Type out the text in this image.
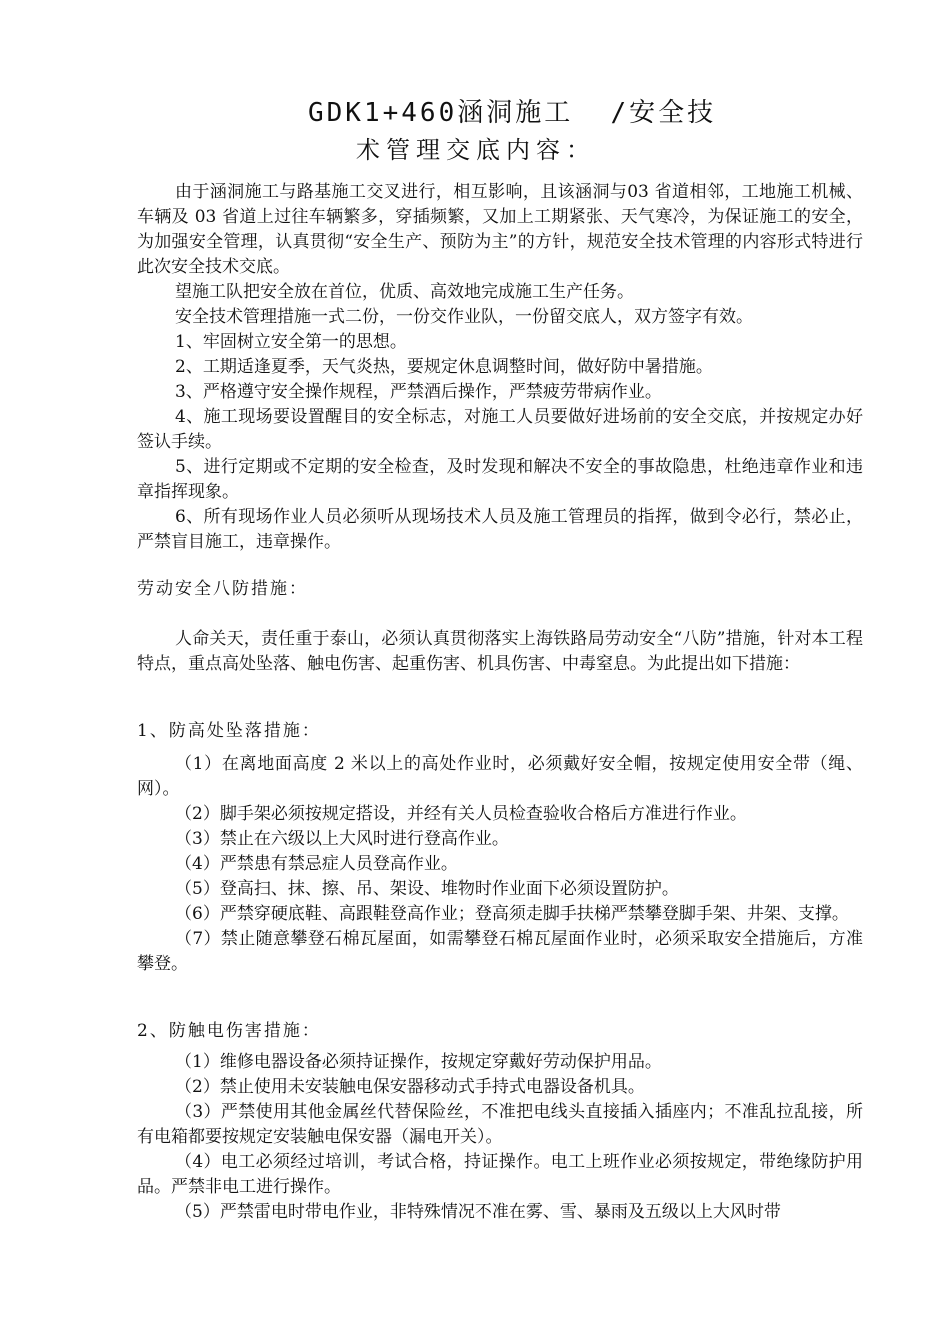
GDK1+460涵洞施工  /安全技
术管理交底内容：

由于涵洞施工与路基施工交叉进行，相互影响，且该涵洞与03 省道相邻，工地施工机械、车辆及 03 省道上过往车辆繁多，穿插频繁，又加上工期紧张、天气寒冷，为保证施工的安全，为加强安全管理，认真贯彻“安全生产、预防为主”的方针，规范安全技术管理的内容形式特进行此次安全技术交底。

望施工队把安全放在首位，优质、高效地完成施工生产任务。

安全技术管理措施一式二份，一份交作业队，一份留交底人，双方签字有效。

1、牢固树立安全第一的思想。

2、工期适逢夏季，天气炎热，要规定休息调整时间，做好防中暑措施。

3、严格遵守安全操作规程，严禁酒后操作，严禁疲劳带病作业。

4、施工现场要设置醒目的安全标志，对施工人员要做好进场前的安全交底，并按规定办好签认手续。

5、进行定期或不定期的安全检查，及时发现和解决不安全的事故隐患，杜绝违章作业和违章指挥现象。

6、所有现场作业人员必须听从现场技术人员及施工管理员的指挥，做到令必行，禁必止，严禁盲目施工，违章操作。

劳动安全八防措施：

人命关天，责任重于泰山，必须认真贯彻落实上海铁路局劳动安全“八防”措施，针对本工程特点，重点高处坠落、触电伤害、起重伤害、机具伤害、中毒窒息。为此提出如下措施：

1、防高处坠落措施：

（1）在离地面高度 2 米以上的高处作业时，必须戴好安全帽，按规定使用安全带（绳、网）。

（2）脚手架必须按规定搭设，并经有关人员检查验收合格后方准进行作业。

（3）禁止在六级以上大风时进行登高作业。

（4）严禁患有禁忌症人员登高作业。

（5）登高扫、抹、擦、吊、架设、堆物时作业面下必须设置防护。

（6）严禁穿硬底鞋、高跟鞋登高作业；登高须走脚手扶梯严禁攀登脚手架、井架、支撑。

（7）禁止随意攀登石棉瓦屋面，如需攀登石棉瓦屋面作业时，必须采取安全措施后，方准攀登。

2、防触电伤害措施：

（1）维修电器设备必须持证操作，按规定穿戴好劳动保护用品。

（2）禁止使用未安装触电保安器移动式手持式电器设备机具。

（3）严禁使用其他金属丝代替保险丝，不准把电线头直接插入插座内；不准乱拉乱接，所有电箱都要按规定安装触电保安器（漏电开关）。

（4）电工必须经过培训，考试合格，持证操作。电工上班作业必须按规定，带绝缘防护用品。严禁非电工进行操作。

（5）严禁雷电时带电作业，非特殊情况不准在雾、雪、暴雨及五级以上大风时带
